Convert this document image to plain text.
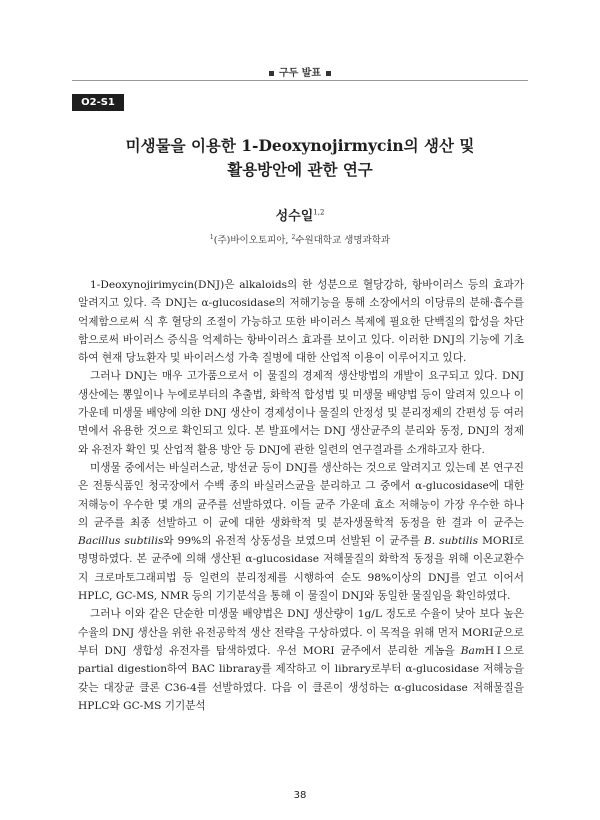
구두 발표
O2-S1
미생물을 이용한 1-Deoxynojirmycin의 생산 및
활용방안에 관한 연구
성수일$^{1,2}$
$^1$(주)바이오토피아, $^2$수원대학교 생명과학과

1-Deoxynojirimycin(DNJ)은 alkaloids의 한 성분으로 혈당강하, 항바이러스 등의 효과가 알려지고 있다. 즉 DNJ는 α-glucosidase의 저해기능을 통해 소장에서의 이당류의 분해·흡수를 억제함으로써 식 후 혈당의 조절이 가능하고 또한 바이러스 복제에 필요한 단백질의 합성을 차단함으로써 바이러스 증식을 억제하는 항바이러스 효과를 보이고 있다. 이러한 DNJ의 기능에 기초하여 현재 당뇨환자 및 바이러스성 가축 질병에 대한 산업적 이용이 이루어지고 있다.

그러나 DNJ는 매우 고가품으로서 이 물질의 경제적 생산방법의 개발이 요구되고 있다. DNJ 생산에는 뽕잎이나 누에로부터의 추출법, 화학적 합성법 및 미생물 배양법 등이 알려져 있으나 이 가운데 미생물 배양에 의한 DNJ 생산이 경제성이나 물질의 안정성 및 분리정제의 간편성 등 여러 면에서 유용한 것으로 확인되고 있다. 본 발표에서는 DNJ 생산균주의 분리와 동정, DNJ의 정제와 유전자 확인 및 산업적 활용 방안 등 DNJ에 관한 일련의 연구결과를 소개하고자 한다.

미생물 중에서는 바실러스균, 방선균 등이 DNJ를 생산하는 것으로 알려지고 있는데 본 연구진은 전통식품인 청국장에서 수백 종의 바실러스균을 분리하고 그 중에서 α-glucosidase에 대한 저해능이 우수한 몇 개의 균주를 선발하였다. 이들 균주 가운데 효소 저해능이 가장 우수한 하나의 균주를 최종 선발하고 이 균에 대한 생화학적 및 분자생물학적 동정을 한 결과 이 균주는 Bacillus subtilis와 99%의 유전적 상동성을 보였으며 선발된 이 균주를 B. subtilis MORI로 명명하였다. 본 균주에 의해 생산된 α-glucosidase 저해물질의 화학적 동정을 위해 이온교환수지 크로마토그래피법 등 일련의 분리정제를 시행하여 순도 98%이상의 DNJ를 얻고 이어서 HPLC, GC-MS, NMR 등의 기기분석을 통해 이 물질이 DNJ와 동일한 물질임을 확인하였다.

그러나 이와 같은 단순한 미생물 배양법은 DNJ 생산량이 1g/L 정도로 수율이 낮아 보다 높은 수율의 DNJ 생산을 위한 유전공학적 생산 전략을 구상하였다. 이 목적을 위해 먼저 MORI균으로부터 DNJ 생합성 유전자를 탐색하였다. 우선 MORI 균주에서 분리한 게놈을 BamHⅠ으로 partial digestion하여 BAC libraray를 제작하고 이 library로부터 α-glucosidase 저해능을 갖는 대장균 클론 C36-4를 선발하였다. 다음 이 클론이 생성하는 α-glucosidase 저해물질을 HPLC와 GC-MS 기기분석

38
